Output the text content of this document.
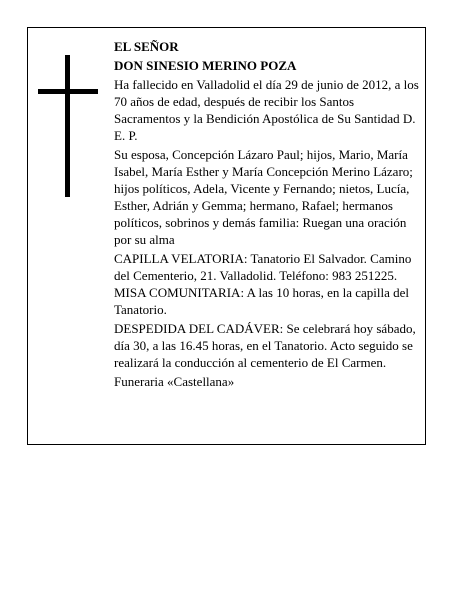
EL SEÑOR

DON SINESIO MERINO POZA

Ha fallecido en Valladolid el día 29 de junio de 2012, a los 70 años de edad, después de recibir los Santos Sacramentos y la Bendición Apostólica de Su Santidad D. E. P.

Su esposa, Concepción Lázaro Paul; hijos, Mario, María Isabel, María Esther y María Concepción Merino Lázaro; hijos políticos, Adela, Vicente y Fernando; nietos, Lucía, Esther, Adrián y Gemma; hermano, Rafael; hermanos políticos, sobrinos y demás familia: Ruegan una oración por su alma

CAPILLA VELATORIA: Tanatorio El Salvador. Camino del Cementerio, 21. Valladolid. Teléfono: 983 251225. MISA COMUNITARIA: A las 10 horas, en la capilla del Tanatorio.

DESPEDIDA DEL CADÁVER: Se celebrará hoy sábado, día 30, a las 16.45 horas, en el Tanatorio. Acto seguido se realizará la conducción al cementerio de El Carmen.

Funeraria «Castellana»
